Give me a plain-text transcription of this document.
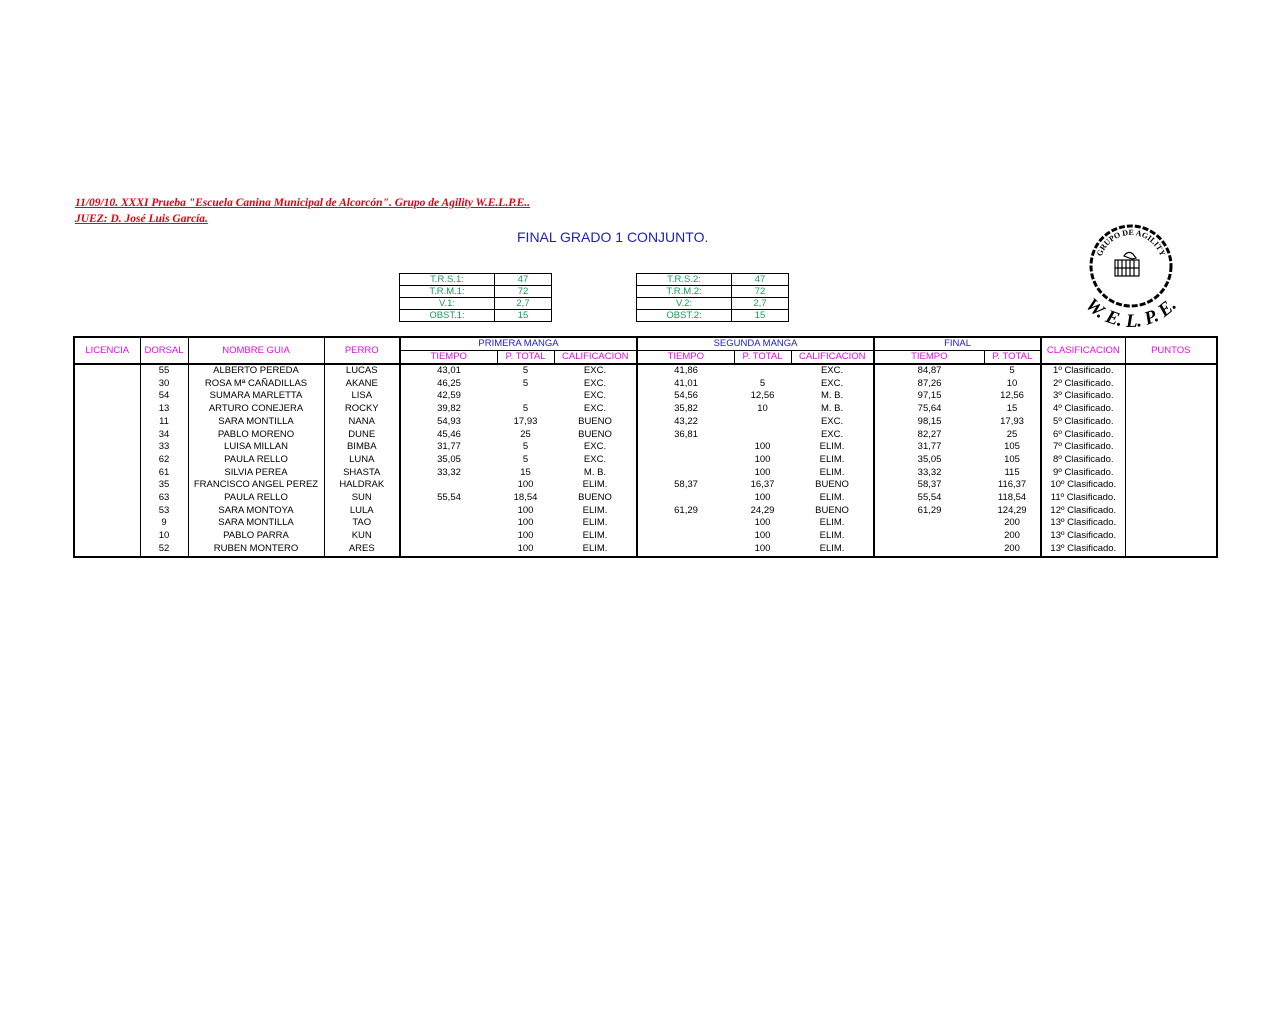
11/09/10. XXXI Prueba "Escuela Canina Municipal de Alcorcón". Grupo de Agility W.E.L.P.E..
JUEZ: D. José Luis García.
FINAL GRADO 1 CONJUNTO.
T.R.S.1:	47
T.R.M.1:	72
V.1:	2,7
OBST.1:	15
T.R.S.2:	47
T.R.M.2:	72
V.2:	2,7
OBST.2:	15
GRUPO DE AGILITY
W. E. L. P. E.
LICENCIA	DORSAL	NOMBRE GUIA	PERRO	PRIMERA MANGA			SEGUNDA MANGA			FINAL		CLASIFICACION	PUNTOS
				TIEMPO	P. TOTAL	CALIFICACION	TIEMPO	P. TOTAL	CALIFICACION	TIEMPO	P. TOTAL		
	55	ALBERTO PEREDA	LUCAS	43,01	5	EXC.	41,86		EXC.	84,87	5	1º Clasificado.	
	30	ROSA Mª CAÑADILLAS	AKANE	46,25	5	EXC.	41,01	5	EXC.	87,26	10	2º Clasificado.	
	54	SUMARA MARLETTA	LISA	42,59		EXC.	54,56	12,56	M. B.	97,15	12,56	3º Clasificado.	
	13	ARTURO CONEJERA	ROCKY	39,82	5	EXC.	35,82	10	M. B.	75,64	15	4º Clasificado.	
	11	SARA MONTILLA	NANA	54,93	17,93	BUENO	43,22		EXC.	98,15	17,93	5º Clasificado.	
	34	PABLO MORENO	DUNE	45,46	25	BUENO	36,81		EXC.	82,27	25	6º Clasificado.	
	33	LUISA MILLAN	BIMBA	31,77	5	EXC.		100	ELIM.	31,77	105	7º Clasificado.	
	62	PAULA RELLO	LUNA	35,05	5	EXC.		100	ELIM.	35,05	105	8º Clasificado.	
	61	SILVIA PEREA	SHASTA	33,32	15	M. B.		100	ELIM.	33,32	115	9º Clasificado.	
	35	FRANCISCO ANGEL PEREZ	HALDRAK		100	ELIM.	58,37	16,37	BUENO	58,37	116,37	10º Clasificado.	
	63	PAULA RELLO	SUN	55,54	18,54	BUENO		100	ELIM.	55,54	118,54	11º Clasificado.	
	53	SARA MONTOYA	LULA		100	ELIM.	61,29	24,29	BUENO	61,29	124,29	12º Clasificado.	
	9	SARA MONTILLA	TAO		100	ELIM.		100	ELIM.		200	13º Clasificado.	
	10	PABLO PARRA	KUN		100	ELIM.		100	ELIM.		200	13º Clasificado.	
	52	RUBEN MONTERO	ARES		100	ELIM.		100	ELIM.		200	13º Clasificado.	
